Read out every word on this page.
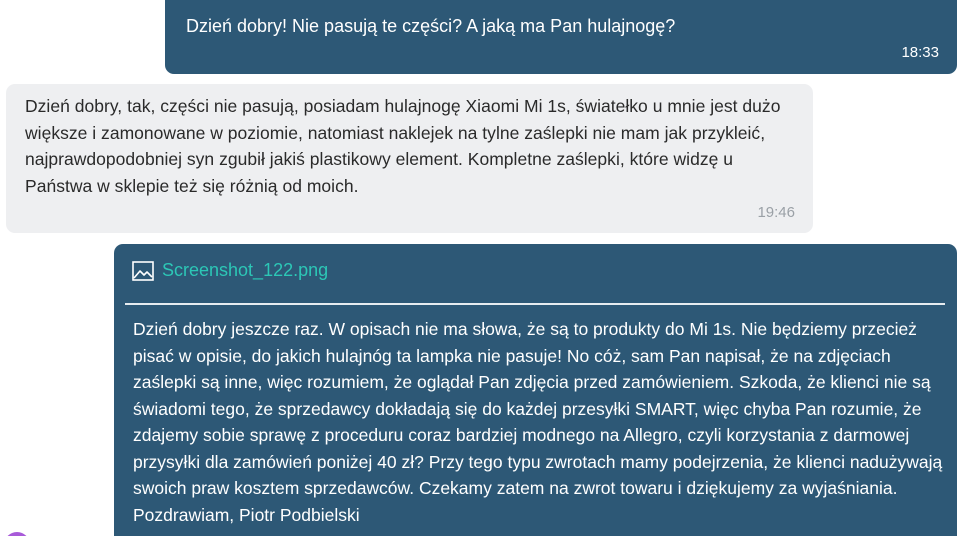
Dzień dobry! Nie pasują te części? A jaką ma Pan hulajnogę?

18:33

Dzień dobry, tak, części nie pasują, posiadam hulajnogę Xiaomi Mi 1s, światełko u mnie jest dużo większe i zamonowane w poziomie, natomiast naklejek na tylne zaślepki nie mam jak przykleić, najprawdopodobniej syn zgubił jakiś plastikowy element. Kompletne zaślepki, które widzę u Państwa w sklepie też się różnią od moich.

19:46
Screenshot_122.png

Dzień dobry jeszcze raz. W opisach nie ma słowa, że są to produkty do Mi 1s. Nie będziemy przecież pisać w opisie, do jakich hulajnóg ta lampka nie pasuje! No cóż, sam Pan napisał, że na zdjęciach zaślepki są inne, więc rozumiem, że oglądał Pan zdjęcia przed zamówieniem. Szkoda, że klienci nie są świadomi tego, że sprzedawcy dokładają się do każdej przesyłki SMART, więc chyba Pan rozumie, że zdajemy sobie sprawę z proceduru coraz bardziej modnego na Allegro, czyli korzystania z darmowej przysyłki dla zamówień poniżej 40 zł? Przy tego typu zwrotach mamy podejrzenia, że klienci nadużywają swoich praw kosztem sprzedawców. Czekamy zatem na zwrot towaru i dziękujemy za wyjaśniania. Pozdrawiam, Piotr Podbielski
